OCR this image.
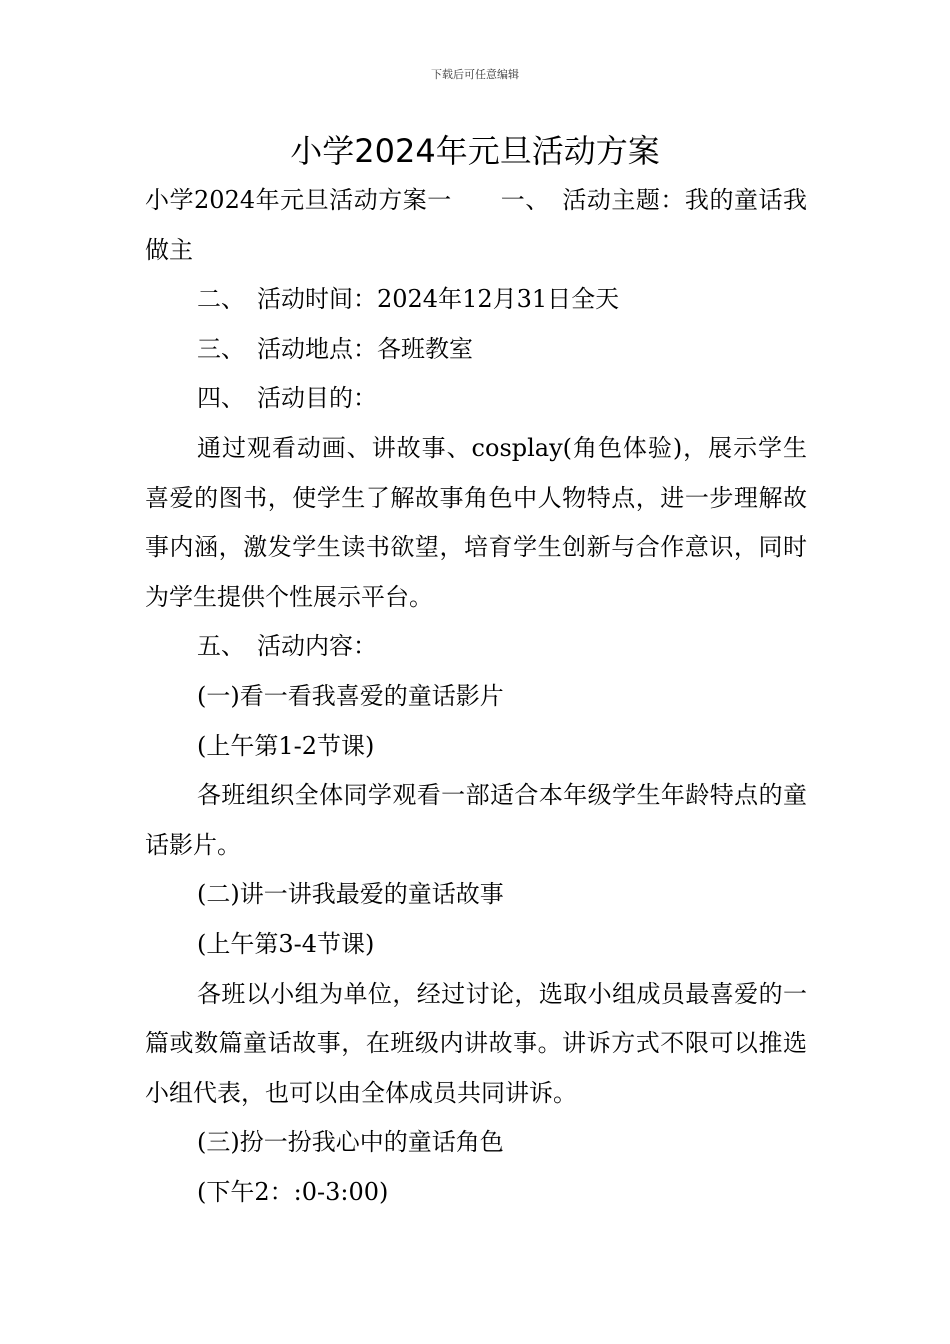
下载后可任意编辑
小学2024年元旦活动方案

小学2024年元旦活动方案一　　一、　活动主题：我的童话我做主

二、　活动时间：2024年12月31日全天

三、　活动地点：各班教室

四、　活动目的：

通过观看动画、讲故事、cosplay(角色体验)，展示学生喜爱的图书，使学生了解故事角色中人物特点，进一步理解故事内涵，激发学生读书欲望，培育学生创新与合作意识，同时为学生提供个性展示平台。

五、　活动内容：

(一)看一看我喜爱的童话影片

(上午第1-2节课)

各班组织全体同学观看一部适合本年级学生年龄特点的童话影片。

(二)讲一讲我最爱的童话故事

(上午第3-4节课)

各班以小组为单位，经过讨论，选取小组成员最喜爱的一篇或数篇童话故事，在班级内讲故事。讲诉方式不限可以推选小组代表，也可以由全体成员共同讲诉。

(三)扮一扮我心中的童话角色

(下午2：:0-3:00)
